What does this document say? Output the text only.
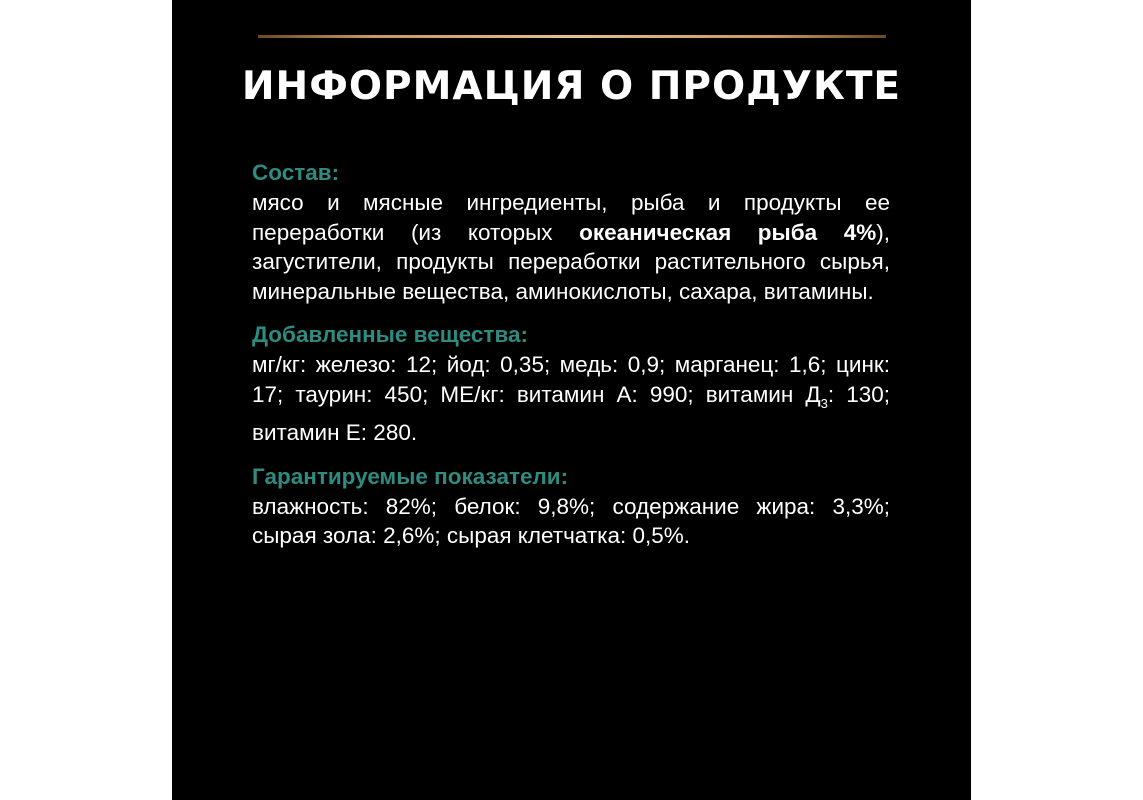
ИНФОРМАЦИЯ О ПРОДУКТЕ

Состав:

мясо и мясные ингредиенты, рыба и продукты ее переработки (из которых океаническая рыба 4%), загустители, продукты переработки растительного сырья, минеральные вещества, аминокислоты, сахара, витамины.

Добавленные вещества:

мг/кг: железо: 12; йод: 0,35; медь: 0,9; марганец: 1,6; цинк: 17; таурин: 450; МЕ/кг: витамин А: 990; витамин $Д_3$: 130; витамин Е: 280.

Гарантируемые показатели:

влажность: 82%; белок: 9,8%; содержание жира: 3,3%; сырая зола: 2,6%; сырая клетчатка: 0,5%.
